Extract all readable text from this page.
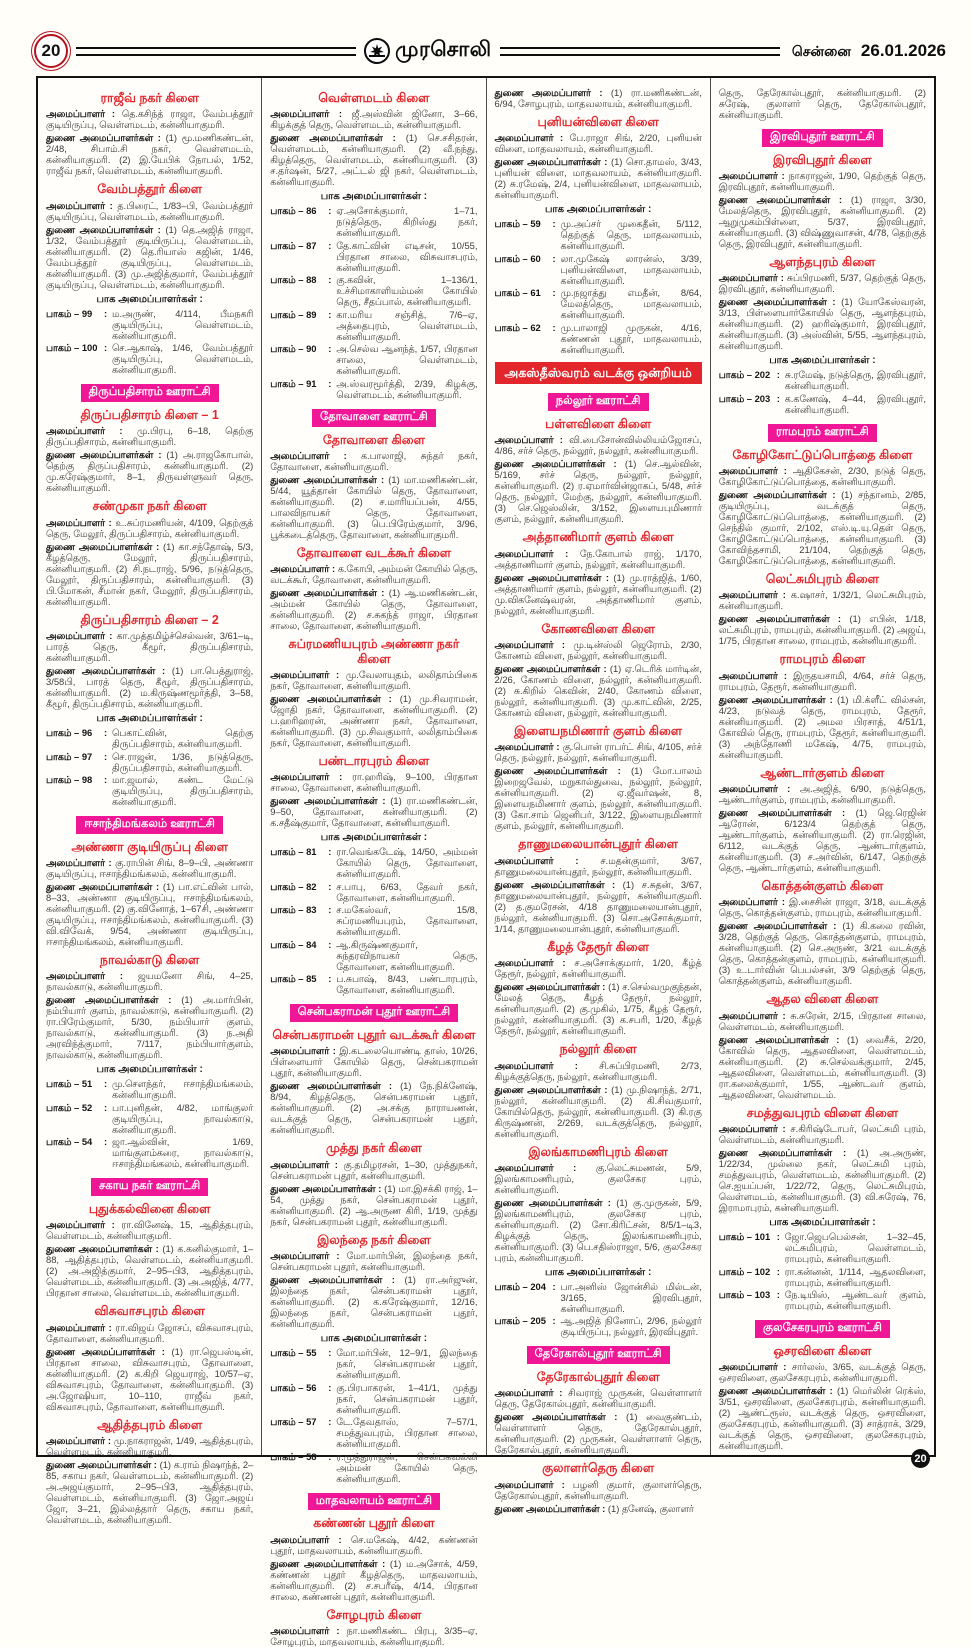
20	முரசொலி	சென்னை 26.01.2026
ராஜீவ் நகர் கிளை
அமைப்பாளர் : தெ.கசிந்த் ராஜா, வேம்பத்தூர் குடியிருப்பு, வெள்ளமடம், கன்னியாகுமரி.
துணை அமைப்பாளர்கள் : (1) மூ.மணிகண்டன், 2/48, சிபாம்.சி நகர், வெள்ளமடம், கன்னியாகுமரி. (2) இ.யேபிக் நோபல், 1/52, ராஜீவ் நகர், வெள்ளமடம், கன்னியாகுமரி.
வேம்பத்தூர் கிளை
அமைப்பாளர் : த.பிரைட், 1/83–பி, வேம்பத்தூர் குடியிருப்பு, வெள்ளமடம், கன்னியாகுமரி.
துணை அமைப்பாளர்கள் : (1) தெ.அஜித் ராஜா, 1/32, வேம்பத்தூர் குடியிருப்பு, வெள்ளமடம், கன்னியாகுமரி. (2) தெ.ரியாஸ் கஜின், 1/46, வேம்பத்தூர் குடியிருப்பு, வெள்ளமடம், கன்னியாகுமரி. (3) மு.அஜித்குமார், வேம்பத்தூர் குடியிருப்பு, வெள்ளமடம், கன்னியாகுமரி.
பாக அமைப்பாளர்கள் :
பாகம் – 99	: ம.அருண், 4/114, பீமநகரி குடியிருப்பு, வெள்ளமடம், கன்னியாகுமரி.
பாகம் – 100 : செ.ஆகாஷ், 1/46, வேம்பத்தூர் குடியிருப்பு, வெள்ளமடம், கன்னியாகுமரி.
திருப்பதிசாரம் ஊராட்சி
திருப்பதிசாரம் கிளை – 1
அமைப்பாளர் : மு.பிரபு, 6–18, தெற்கு திருப்பதிசாரம், கன்னியாகுமரி.
துணை அமைப்பாளர்கள் : (1) அ.ராஜகோபால், தெற்கு திருப்பதிசாரம், கன்னியாகுமரி. (2) மு.கரேஷ்குமார், 8–1, திருவள்ளுவர் தெரு, கன்னியாகுமரி.
சண்முகா நகர் கிளை
அமைப்பாளர் : உ.சுப்ரமணியன், 4/109, தெற்குத் தெரு, மேலூர், திருப்பதிசாரம், கன்னியாகுமரி.
துணை அமைப்பாளர்கள் : (1) கா.சந்தோஷ், 5/3, கீழத்தெரு, மேலூர், திருப்பதிசாரம், கன்னியாகுமரி. (2) சி.நடராஜ், 5/96, நடுத்தெரு, மேலூர், திருப்பதிசாரம், கன்னியாகுமரி. (3) பி.மோகன், சீமான் நகர், மேலூர், திருப்பதிசாரம், கன்னியாகுமரி.
திருப்பதிசாரம் கிளை – 2
அமைப்பாளர் : கா.முத்தமிழ்ச்செல்வன், 3/61–டி, பாரத் தெரு, கீழூர், திருப்பதிசாரம், கன்னியாகுமரி.
துணை அமைப்பாளர்கள் : (1) பா.பெத்துராஜ், 3/58பி, பாரத் தெரு, கீழூர், திருப்பதிசாரம், கன்னியாகுமரி. (2) ம.கிருஷ்ணமூர்த்தி, 3–58, கீழூர், திருப்பதிசாரம், கன்னியாகுமரி.
பாக அமைப்பாளர்கள் :
பாகம் – 96	: பெகாட்வின், தெற்கு திருப்பதிசாரம், கன்னியாகுமரி.
பாகம் – 97	: செ.ராஜன், 1/36, நடுத்தெரு, திருப்பதிசாரம், கன்னியாகுமரி.
பாகம் – 98	: மா.ஜமால், கண்ட மேட்டு குடியிருப்பு, திருப்பதிசாரம், கன்னியாகுமரி.
ஈசாந்திமங்கலம் ஊராட்சி
அண்ணா குடியிருப்பு கிளை
அமைப்பாளர் : கு.ராபின் சிங், 8–9–பி, அண்ணா குடியிருப்பு, ஈசாந்திமங்கலம், கன்னியாகுமரி.
துணை அமைப்பாளர்கள் : (1) பா.எட்வின் பால், 8–33, அண்ணா குடியிருப்பு, ஈசாந்திமங்கலம், கன்னியாகுமரி. (2) கு.வினோத், 1–67சி, அண்ணா குடியிருப்பு, ஈசாந்திமங்கலம், கன்னியாகுமரி. (3) வி.விவேக், 9/54, அண்ணா குடியிருப்பு, ஈசாந்திமங்கலம், கன்னியாகுமரி.
நாவல்காடு கிளை
அமைப்பாளர் : ஜயமனோ சிங், 4–25, நாவல்காடு, கன்னியாகுமரி.
துணை அமைப்பாளர்கள் : (1) அ.மார்பின், நம்பியார் குளம், நாவல்காடு, கன்னியாகுமரி. (2) ரா.பிரேம்குமார், 5/30, நம்பியார் குளம், நாவல்காடு, கன்னியாகுமரி. (3) ந.அதி அரவிந்த்குமார், 7/117, நம்பியார்குளம், நாவல்காடு, கன்னியாகுமரி.
பாக அமைப்பாளர்கள் :
பாகம் – 51	: மு.சௌந்தர், ஈசாந்திமங்கலம், கன்னியாகுமரி.
பாகம் – 52	: பா.புனிதன், 4/82, மாங்குலர் குடியிருப்பு, நாவல்காடு, கன்னியாகுமரி.
பாகம் – 54	: ஜா.ஆல்வின், 1/69, மாங்குளம்கரை, நாவல்காடு, ஈசாந்திமங்கலம், கன்னியாகுமரி.
சகாய நகர் ஊராட்சி
புதுக்கல்வினை கிளை
அமைப்பாளர் : ரா.வினேஷ், 15, ஆதித்தபுரம், வெள்ளமடம், கன்னியாகுமரி.
துணை அமைப்பாளர்கள் : (1) க.கனில்குமார், 1–88, ஆதித்தபுரம், வெள்ளமடம், கன்னியாகுமரி. (2) அ.அஜித்குமார், 2–95–பி3, ஆதித்தபுரம், வெள்ளமடம், கன்னியாகுமரி. (3) அ.அஜித், 4/77, பிரதான சாலை, வெள்ளமடம், கன்னியாகுமரி.
விசுவாசபுரம் கிளை
அமைப்பாளர் : ரா.விஜய் ஜோசப், விசுவாசபுரம், தோவாளை, கன்னியாகுமரி.
துணை அமைப்பாளர்கள் : (1) ரா.ஜெபஸ்டின், பிரதான சாலை, விசுவாசபுரம், தோவாளை, கன்னியாகுமரி. (2) க.கிறி ஜெயராஜ், 10/57–ஏ, விசுவாசபுரம், தோவாளை, கன்னியாகுமரி. (3) அ.ஜோஷியா, 10–110, ராஜீவ் நகர், விசுவாசபுரம், தோவாளை, கன்னியாகுமரி.
ஆதித்தபுரம் கிளை
அமைப்பாளர் : மு.நாகராஜன், 1/49, ஆதித்தபுரம், வெள்ளமடம், கன்னியாகுமரி.
துணை அமைப்பாளர்கள் : (1) க.ராம் நிஷாந்த், 2–85, சகாய நகர், வெள்ளமடம், கன்னியாகுமரி. (2) அ.அஜய்குமார், 2–95–பி3, ஆதித்தபுரம், வெள்ளமடம், கன்னியாகுமரி. (3) ஜோ.அஜய் ஜோ, 3–21, இல்லத்தார் தெரு, சகாய நகர், வெள்ளமடம், கன்னியாகுமரி.
வெள்ளமடம் கிளை
அமைப்பாளர் : ஜீ.அஸ்வின் ஜினோ, 3–66, கிழக்குத் தெரு, வெள்ளமடம், கன்னியாகுமரி.
துணை அமைப்பாளர்கள் : (1) செ.சசிதரன், வெள்ளமடம், கன்னியாகுமரி. (2) வீ.நந்து, கிழத்தெரு, வெள்ளமடம், கன்னியாகுமரி. (3) ச.தர்ஷன், 5/27, அட்டல் ஜி நகர், வெள்ளமடம், கன்னியாகுமரி.
பாக அமைப்பாளர்கள் :
பாகம் – 86	: ஏ.அசோக்குமார், 1–71, நடுத்தெரு, கிறிஸ்து நகர், கன்னியாகுமரி.
பாகம் – 87	: தே.காட்வின் எடிசன், 10/55, பிரதான சாலை, விசுவாசபுரம், கன்னியாகுமரி.
பாகம் – 88	: கு.கவின், 1–136/1, உச்சிமாகாளியம்மன் கோயில் தெரு, சீதப்பால், கன்னியாகுமரி.
பாகம் – 89	: கா.மரிய சஞ்சித், 7/6–ஏ, அத்தைபுரம், வெள்ளமடம், கன்னியாகுமரி.
பாகம் – 90	: அ.செல்வ ஆனந்த், 1/57, பிரதான சாலை, வெள்ளமடம், கன்னியாகுமரி.
பாகம் – 91	: அ.ஸ்வரமூர்த்தி, 2/39, கிழக்கு, வெள்ளமடம், கன்னியாகுமரி.
தோவாளை ஊராட்சி
தோவாளை கிளை
அமைப்பாளர் : க.பாலாஜி, சுந்தர் நகர், தோவாளை, கன்னியாகுமரி.
துணை அமைப்பாளர்கள் : (1) மா.மணிகண்டன், 5/44, யூத்தான் கோயில் தெரு, தோவாளை, கன்னியாகுமரி. (2) ச.மாரியப்பன், 4/55, பாலவிநாயகர் தெரு, தோவாளை, கன்னியாகுமரி. (3) பெ.பிரேம்குமார், 3/96, பூக்கடைத்தெரு, தோவாளை, கன்னியாகுமரி.
தோவாளை வடக்கூர் கிளை
அமைப்பாளர் : க.கோபி, அம்மன் கோயில் தெரு, வடக்கூர், தோவாளை, கன்னியாகுமரி.
துணை அமைப்பாளர்கள் : (1) ஆ.மணிகண்டன், அம்மன் கோயில் தெரு, தோவாளை, கன்னியாகுமரி. (2) ச.சுகந்த் ராஜா, பிரதான சாலை, தோவாளை, கன்னியாகுமரி.
சுப்ரமணியபுரம் அண்ணா நகர் கிளை
அமைப்பாளர் : மு.வேலாயுதம், லலிதாம்பிகை நகர், தோவாளை, கன்னியாகுமரி.
துணை அமைப்பாளர்கள் : (1) மு.சிவராமன், ஜோதி நகர், தோவாளை, கன்னியாகுமரி. (2) ப.ஹரிஹரன், அண்ணா நகர், தோவாளை, கன்னியாகுமரி. (3) மு.சிவகுமார், லலிதாம்பிகை நகர், தோவாளை, கன்னியாகுமரி.
பண்டாரபுரம் கிளை
அமைப்பாளர் : ரா.ஹரிஷ், 9–100, பிரதான சாலை, தோவாளை, கன்னியாகுமரி.
துணை அமைப்பாளர்கள் : (1) ரா.மணிகண்டன், 9–50, தோவாளை, கன்னியாகுமரி. (2) க.சதீஷ்குமார், தோவாளை, கன்னியாகுமரி.
பாக அமைப்பாளர்கள் :
பாகம் – 81	: ரா.வெங்கடேஷ், 14/50, அம்மன் கோயில் தெரு, தோவாளை, கன்னியாகுமரி.
பாகம் – 82	: ச.பாபு, 6/63, தேவர் நகர், தோவாளை, கன்னியாகுமரி.
பாகம் – 83	: ச.மகேஸ்வர், 15/8, சுப்ரமணியபுரம், தோவாளை, கன்னியாகுமரி.
பாகம் – 84	: ஆ.கிருஷ்ணகுமார், சுந்தரவிநாயகர் தெரு, தோவாளை, கன்னியாகுமரி.
பாகம் – 85	: ப.சுபாஷ், 8/43, பண்டாரபுரம், தோவாளை, கன்னியாகுமரி.
சென்பகராமன் புதூர் ஊராட்சி
சென்பகராமன் புதூர் வடக்கூர் கிளை
அமைப்பாளர் : இ.கடலையொண்டி தாஸ், 10/26, பிள்ளையார் கோயில் தெரு, சென்பகராமன் புதூர், கன்னியாகுமரி.
துணை அமைப்பாளர்கள் : (1) நே.நிக்னேஷ், 8/94, கிழத்தெரு, சென்பகராமன் புதூர், கன்னியாகுமரி. (2) அ.சக்கு நாராயணன், வடக்குத் தெரு, சென்பகராமன் புதூர், கன்னியாகுமரி.
முத்து நகர் கிளை
அமைப்பாளர் : கு.தமிழரசன், 1–30, முத்துநகர், சென்பகராமன் புதூர், கன்னியாகுமரி.
துணை அமைப்பாளர்கள் : (1) மா.இசக்கி ராஜ், 1–54, முத்து நகர், சென்பகராமன் புதூர், கன்னியாகுமரி. (2) ஆ.அருண கிரி, 1/19, முத்து நகர், சென்பகராமன் புதூர், கன்னியாகுமரி.
இலந்தை நகர் கிளை
அமைப்பாளர் : மோ.மார்பின், இலந்தை நகர், சென்பகராமன் புதூர், கன்னியாகுமரி.
துணை அமைப்பாளர்கள் : (1) ரா.அர்ஜுன், இலந்தை நகர், சென்பகராமன் புதூர், கன்னியாகுமரி. (2) க.கரேஷ்குமார், 12/16, இலந்தை நகர், சென்பகராமன் புதூர், கன்னியாகுமரி.
பாக அமைப்பாளர்கள் :
பாகம் – 55	: மோ.மர்பின், 12–9/1, இலந்தை நகர், சென்பகராமன் புதூர், கன்னியாகுமரி.
பாகம் – 56	: கு.பிரபாகரன், 1–41/1, முத்து நகர், சென்பகராமன் புதூர், கன்னியாகுமரி.
பாகம் – 57	: டே.தேவதாஸ், 7–57/1, சமத்துவபுரம், பிரதான சாலை, கன்னியாகுமரி.
பாகம் – 58	: ர.முத்துராஜன், சென்பகவல்லி அம்மன் கோயில் தெரு, கன்னியாகுமரி.
மாதவலாயம் ஊராட்சி
கண்ணன் புதூர் கிளை
அமைப்பாளர் : செ.மகேஷ், 4/42, கண்ணன் புதூர், மாதவலாயம், கன்னியாகுமரி.
துணை அமைப்பாளர்கள் : (1) ம.அசோக், 4/59, கண்ணன் புதூர் கீழத்தெரு, மாதவலாயம், கன்னியாகுமரி. (2) ச.சபரீஷ், 4/14, பிரதான சாலை, கண்ணன் புதூர், கன்னியாகுமரி.
சோழபுரம் கிளை
அமைப்பாளர் : நா.மணிகண்ட பிரபு, 3/35–ஏ, சோழபுரம், மாதவலாயம், கன்னியாகுமரி.
துணை அமைப்பாளர் : (1) ரா.மணிகண்டன், 6/94, சோழபுரம், மாதவலாயம், கன்னியாகுமரி.
புனியன்விளை கிளை
அமைப்பாளர் : பே.ராஜா சிங், 2/20, புனியன் விளை, மாதவலாயம், கன்னியாகுமரி.
துணை அமைப்பாளர்கள் : (1) சொ.தாமஸ், 3/43, புனியன் விளை, மாதவலாயம், கன்னியாகுமரி. (2) சு.ரமேஷ், 2/4, புனியன்விளை, மாதவலாயம், கன்னியாகுமரி.
பாக அமைப்பாளர்கள் :
பாகம் – 59	: மு.அப்சர் முகைதீன், 5/112, தெற்குத் தெரு, மாதவலாயம், கன்னியாகுமரி.
பாகம் – 60	: லா.முகேஷ் லாரன்ஸ், 3/39, புனியன்விளை, மாதவலாயம், கன்னியாகுமரி.
பாகம் – 61	: மு.நஜாத்து எமதீன், 8/64, மேலத்தெரு, மாதவலாயம், கன்னியாகுமரி.
பாகம் – 62	: மு.பாலாஜி முருகன், 4/16, கண்ணன் புதூர், மாதவலாயம், கன்னியாகுமரி.
அகஸ்தீஸ்வரம் வடக்கு ஒன்றியம்
நல்லூர் ஊராட்சி
பள்ளவிளை கிளை
அமைப்பாளர் : வி.பைசோன்வில்லியம்ஜோசப், 4/86, சர்ச் தெரு, நல்லூர், நல்லூர், கன்னியாகுமரி.
துணை அமைப்பாளர்கள் : (1) செ.ஆல்வின், 5/169, சர்ச் தெரு, நல்லூர், நல்லூர், கன்னியாகுமரி. (2) ர.ஏமார்வின்ஜாகப், 5/48, சர்ச் தெரு, நல்லூர், மேற்கு, நல்லூர், கன்னியாகுமரி. (3) செ.ஜெஸ்லின், 3/152, இளையபுமிணார் குளம், நல்லூர், கன்னியாகுமரி.
அத்தாணிமார் குளம் கிளை
அமைப்பாளர் : நே.கோபால் ராஜ், 1/170, அத்தாணிமார் குளம், நல்லூர், கன்னியாகுமரி.
துணை அமைப்பாளர்கள் : (1) மு.ராத்ஜித், 1/60, அத்தாணிமார் குளம், நல்லூர், கன்னியாகுமரி. (2) மு.விகனேஷ்வரன், அத்தாணிமார் குளம், நல்லூர், கன்னியாகுமரி.
கோணவிளை கிளை
அமைப்பாளர் : மு.டின்ஸ்லி ஜெரோம், 2/30, கோணம் விளை, நல்லூர், கன்னியாகுமரி.
துணை அமைப்பாளர்கள் : (1) ஏ.டெரிக் மார்டின், 2/26, கோணம் விளை, நல்லூர், கன்னியாகுமரி. (2) சு.கிறில் கெவின், 2/40, கோணம் விளை, நல்லூர், கன்னியாகுமரி. (3) மு.காட்வின், 2/25, கோணம் விளை, நல்லூர், கன்னியாகுமரி.
இளையநமிணார் குளம் கிளை
அமைப்பாளர் : கு.பொன் ராபர்ட் சிங், 4/105, சர்ச் தெரு, நல்லூர், நல்லூர், கன்னியாகுமரி.
துணை அமைப்பாளர்கள் : (1) மோ.பாலம் இறைஜவேல், மறுகால்துவை, நல்லூர், நல்லூர், கன்னியாகுமரி. (2) ஏ.ஜீவர்ஷன், 8, இளையநமிணார் குளம், நல்லூர், கன்னியாகுமரி. (3) கோ.சாம் ஜெனிபர், 3/122, இளையநமிணார் குளம், நல்லூர், கன்னியாகுமரி.
தாணுமலையான்புதூர் கிளை
அமைப்பாளர் : ச.மதன்குமார், 3/67, தாணுமலையான்புதூர், நல்லூர், கன்னியாகுமரி.
துணை அமைப்பாளர்கள் : (1) ச.சுதன், 3/67, தாணுமலையான்புதூர், நல்லூர், கன்னியாகுமரி. (2) த.குமரேசன், 4/18 தாணுமலையான்புதூர், நல்லூர், கன்னியாகுமரி. (3) சொ.அசோக்குமார், 1/14, தாணுமலையான்புதூர், கன்னியாகுமரி.
கீழத் தேரூர் கிளை
அமைப்பாளர் : ச.அசோக்குமார், 1/20, கீழ்த் தேரூர், நல்லூர், கன்னியாகுமரி.
துணை அமைப்பாளர்கள் : (1) ச.செல்வமுகுந்தன், மேலத் தெரு, கீழத் தேரூர், நல்லூர், கன்னியாகுமரி. (2) கு.முகில், 1/75, கீழத் தேரூர், நல்லூர், கன்னியாகுமரி. (3) க.சபரி, 1/20, கீழத் தேரூர், நல்லூர், கன்னியாகுமரி.
நல்லூர் கிளை
அமைப்பாளர் : சி.சுப்பிரமணி, 2/73, கிழக்குத்தெரு, நல்லூர், கன்னியாகுமரி.
துணை அமைப்பாளர்கள் : (1) மு.நிஷாந்த், 2/71, நல்லூர், கன்னியாகுமரி. (2) கி.சிவகுமார், கோயில்தெரு, நல்லூர், கன்னியாகுமரி. (3) கி.ரகு கிருஷ்ணன், 2/269, வடக்குத்தெரு, நல்லூர், கன்னியாகுமரி.
இலங்காமணிபுரம் கிளை
அமைப்பாளர் : கு.லெட்சுமணன், 5/9, இலங்காமணிபுரம், குலசேகர புரம், கன்னியாகுமரி.
துணை அமைப்பாளர்கள் : (1) கு.முருகன், 5/9, இலங்காமணிபுரம், குலசேகர புரம், கன்னியாகுமரி. (2) சோ.கிரிட்சன், 8/5/1–டி3, கிழக்குத் தெரு, இலங்காமணிபுரம், கன்னியாகுமரி. (3) பெ.சதிஸ்ராஜா, 5/6, குலசேகர புரம், கன்னியாகுமரி.
பாக அமைப்பாளர்கள் :
பாகம் – 204 : பா.அனிஸ் ஜோன்சில் மில்டன், 3/165, இரவிபுதூர், கன்னியாகுமரி.
பாகம் – 205 : ஆ.அஜித் நினோப், 2/96, நல்லூர் குடியிருப்பு, நல்லூர், இரவிபுதூர்.
தேரேகால்புதூர் ஊராட்சி
தேரேகால்புதூர் கிளை
அமைப்பாளர் : சிவராஜ் முருகன், வெள்ளாளர் தெரு, தேரேகால்புதூர், கன்னியாகுமரி.
துணை அமைப்பாளர்கள் : (1) வைகுண்டம், வெள்ளாளர் தெரு, தேரேகால்புதூர், கன்னியாகுமரி. (2) முருகன், வெள்ளாளர் தெரு, தேரேகால்புதூர், கன்னியாகுமரி.
குலாளர்தெரு கிளை
அமைப்பாளர் : பழனி குமார், குலாளர்தெரு, தேரேகால்புதூர், கன்னியாகுமரி.
துணை அமைப்பாளர்கள் : (1) தனேஷ், குலாளர்
தெரு, தேரேகால்புதூர், கன்னியாகுமரி. (2) சுரேஷ், குலாளர் தெரு, தேரேகால்புதூர், கன்னியாகுமரி.
இரவிபுதூர் ஊராட்சி
இரவிபுதூர் கிளை
அமைப்பாளர் : நாகராஜன், 1/90, தெற்குத் தெரு, இரவிபுதூர், கன்னியாகுமரி.
துணை அமைப்பாளர்கள் : (1) ராஜா, 3/30, மேலத்தெரு, இரவிபுதூர், கன்னியாகுமரி. (2) ஆறுமுகம்பிள்ளை, 5/37, இரவிபுதூர், கன்னியாகுமரி. (3) விஷ்ணுவாசன், 4/78, தெற்குத் தெரு, இரவிபுதூர், கன்னியாகுமரி.
ஆளந்தபுரம் கிளை
அமைப்பாளர் : சுப்பிரமணி, 5/37, தெற்குத் தெரு, இரவிபுதூர், கன்னியாகுமரி.
துணை அமைப்பாளர்கள் : (1) யோகேஸ்வரன், 3/13, பிள்ளையார்கோயில் தெரு, ஆளந்தபுரம், கன்னியாகுமரி. (2) ஹரிஷ்குமார், இரவிபுதூர், கன்னியாகுமரி. (3) அஸ்வின், 5/55, ஆளந்தபுரம், கன்னியாகுமரி.
பாக அமைப்பாளர்கள் :
பாகம் – 202 : சு.ரமேஷ், நடுத்தெரு, இரவிபுதூர், கன்னியாகுமரி.
பாகம் – 203 : க.கணேஷ், 4–44, இரவிபுதூர், கன்னியாகுமரி.
ராமபுரம் ஊராட்சி
கோழிகோட்டுப்பொத்தை கிளை
அமைப்பாளர் : ஆதிகேசன், 2/30, நடுத் தெரு, கோழிகோட்டுப்பொத்தை, கன்னியாகுமரி.
துணை அமைப்பாளர்கள் : (1) சந்தானம், 2/85, குடியிருப்பு, வடக்குத் தெரு, கோழிகோட்டுப்பொத்தை, கன்னியாகுமரி. (2) செந்தில் குமார், 2/102, எஸ்.டி.யு.தெள் தெரு, கோழிகோட்டுப்பொத்தை, கன்னியாகுமரி. (3) கோவிந்தசாமி, 21/104, தெற்குத் தெரு, கோழிகோட்டுப்பொத்தை, கன்னியாகுமரி.
லெட்சுமிபுரம் கிளை
அமைப்பாளர் : க.ஷாசர், 1/32/1, லெட்சுமிபுரம், கன்னியாகுமரி.
துணை அமைப்பாளர்கள் : (1) எபின், 1/18, லட்சுமிபுரம், ராமபுரம், கன்னியாகுமரி. (2) அஜய், 1/75, பிரதான சாலை, ராமபுரம், கன்னியாகுமரி.
ராமபுரம் கிளை
அமைப்பாளர் : இருதயசாமி, 4/64, சர்ச் தெரு, ராமபுரம், தேரூர், கன்னியாகுமரி.
துணை அமைப்பாளர்கள் : (1) மி.க்ளீட் வில்சன், 4/23, நடுவத் தெரு, ராமபுரம், தேரூர், கன்னியாகுமரி. (2) அமல பிரசாத், 4/51/1, கோவில் தெரு, ராமபுரம், தேரூர், கன்னியாகுமரி. (3) அந்தோணி மகேஷ், 4/75, ராமபுரம், கன்னியாகுமரி.
ஆண்டார்குளம் கிளை
அமைப்பாளர் : அ.அஜித், 6/90, நடுத்தெரு, ஆண்டார்குளம், ராமபுரம், கன்னியாகுமரி.
துணை அமைப்பாளர்கள் : (1) ஜெ.ரெஜின் ஆரோன், 6/123/4 தெற்குத் தெரு, ஆண்டார்குளம், கன்னியாகுமரி. (2) ரா.ரெஜின், 6/112, வடக்குத் தெரு, ஆண்டார்குளம், கன்னியாகுமரி. (3) ச.அர்வின், 6/147, தெற்குத் தெரு, ஆண்டார்குளம், கன்னியாகுமரி.
கொத்தன்குளம் கிளை
அமைப்பாளர் : இ.சைசின் ராஜா, 3/18, வடக்குத் தெரு, கொத்தன்குளம், ராமபுரம், கன்னியாகுமரி.
துணை அமைப்பாளர்கள் : (1) கி.கலை ரவின், 3/28, தெற்குத் தெரு, கொத்தன்குளம், ராமபுரம், கன்னியாகுமரி. (2) செ.அருண், 3/21 வடக்குத் தெரு, கொத்தன்குளம், ராமபுரம், கன்னியாகுமரி. (3) உ.டார்வின் பெபல்சன், 3/9 தெற்குத் தெரு, கொத்தன்குளம், கன்னியாகுமரி.
ஆதல விளை கிளை
அமைப்பாளர் : சு.சுரேன், 2/15, பிரதான சாலை, வெள்ளமடம், கன்னியாகுமரி.
துணை அமைப்பாளர்கள் : (1) வைசீக், 2/20, கோவில் தெரு, ஆதலவிளை, வெள்ளமடம், கன்னியாகுமரி. (2) சு.செல்வக்குமார், 2/45, ஆதலவிளை, வெள்ளமடம், கன்னியாகுமரி. (3) ரா.கலைக்குமார், 1/55, ஆண்டவர் குளம், ஆதலவிளை, வெள்ளமடம்.
சமத்துவபுரம் விளை கிளை
அமைப்பாளர் : ச.கிரிஷ்டோபர், லெட்சுமி புரம், வெள்ளமடம், கன்னியாகுமரி.
துணை அமைப்பாளர்கள் : (1) அ.அருண், 1/22/34, முல்லை நகர், லெட்சுமி புரம், சமத்துவபுரம், வெள்ளமடம், கன்னியாகுமரி. (2) செ.ஐயப்பன், 1/22/72, தெரு, லெட்சுமிபுரம், வெள்ளமடம், கன்னியாகுமரி. (3) வி.சுரேஷ், 76, இராமாபுரம், கன்னியாகுமரி.
பாக அமைப்பாளர்கள் :
பாகம் – 101 : ஜோ.ஜெபபெல்சன், 1–32–45, லட்சுமிபுரம், வெள்ளமடம், ராமபுரம், கன்னியாகுமரி.
பாகம் – 102 : ரா.கன்னன், 1/114, ஆதலவிளை, ராமபுரம், கன்னியாகுமரி.
பாகம் – 103 : நே.டியிஸ், ஆண்டவர் குளம், ராமபுரம், கன்னியாகுமரி.
குலசேகரபுரம் ஊராட்சி
ஒசரவிளை கிளை
அமைப்பாளர் : சார்லஸ், 3/65, வடக்குத் தெரு, ஒசரவிளை, குலசேகரபுரம், கன்னியாகுமரி.
துணை அமைப்பாளர்கள் : (1) மெர்லின் ரெக்ஸ், 3/51, ஒசரவிளை, குலசேகரபுரம், கன்னியாகுமரி. (2) ஆண்ட்ரூஸ், வடக்குத் தெரு, ஒசரவிளை, குலசேகரபுரம், கன்னியாகுமரி. (3) சாத்ராக், 3/29, வடக்குத் தெரு, ஒசரவிளை, குலசேகரபுரம், கன்னியாகுமரி.
20
